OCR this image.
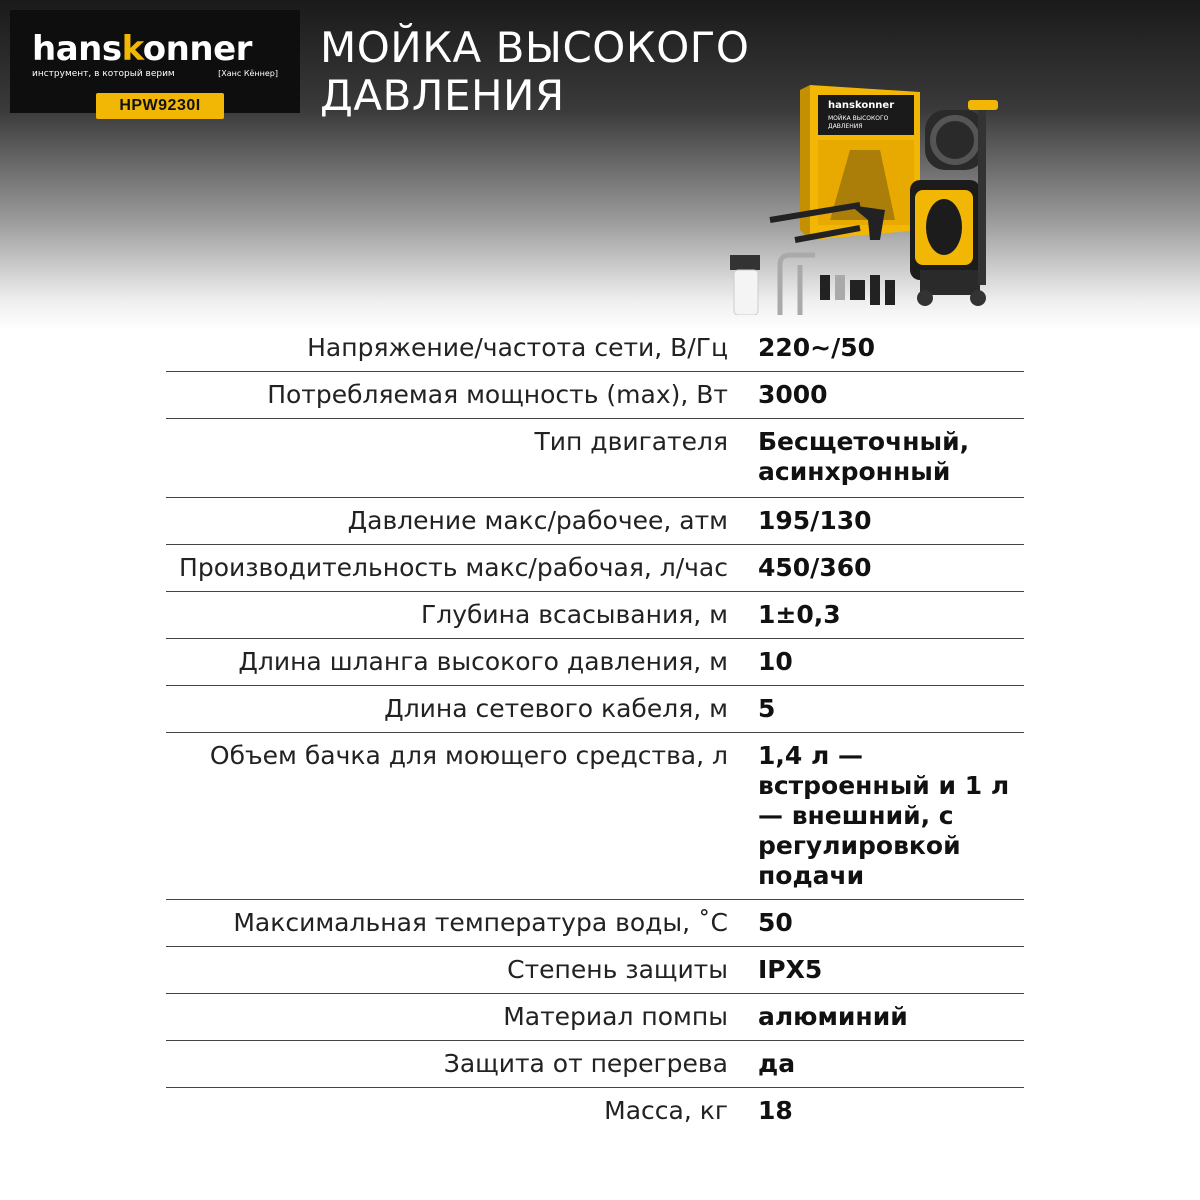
hanskonner
инструмент, в который верим	[Ханс Кённер]
HPW9230I
МОЙКА ВЫСОКОГО
ДАВЛЕНИЯ	hanskonner
МОЙКА ВЫСОКОГО
ДАВЛЕНИЯ
Напряжение/частота сети, В/Гц	220~/50
Потребляемая мощность (max), Вт	3000
Тип двигателя	Бесщеточный, асинхронный
Давление макс/рабочее, атм	195/130
Производительность макс/рабочая, л/час	450/360
Глубина всасывания, м	1±0,3
Длина шланга высокого давления, м	10
Длина сетевого кабеля, м	5
Объем бачка для моющего средства, л	1,4 л — встроенный и 1 л — внешний, с регулировкой подачи
Максимальная температура воды, ˚С	50
Степень защиты	IPX5
Материал помпы	алюминий
Защита от перегрева	да
Масса, кг	18
